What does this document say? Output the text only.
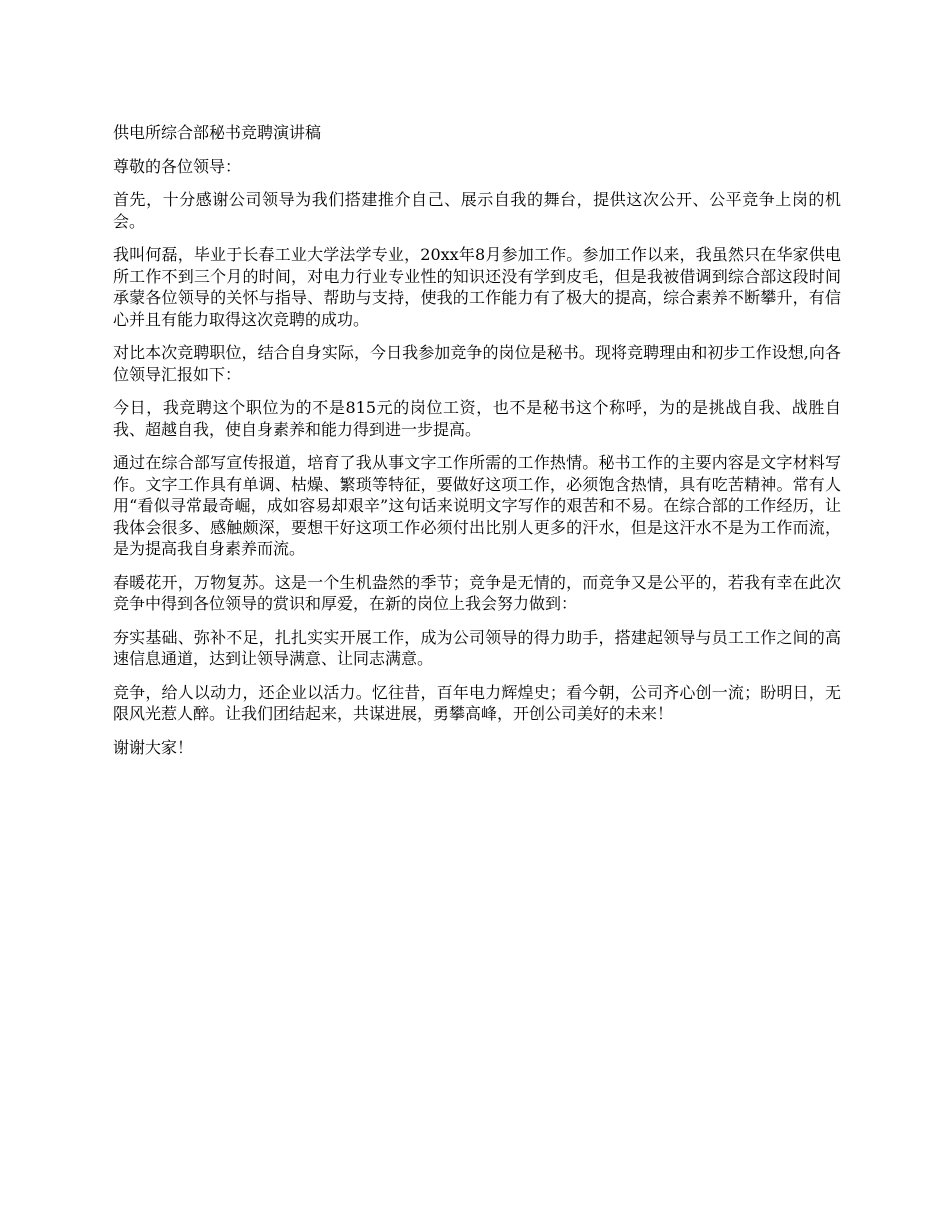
供电所综合部秘书竞聘演讲稿

尊敬的各位领导：

首先，十分感谢公司领导为我们搭建推介自己、展示自我的舞台，提供这次公开、公平竞争上岗的机会。

我叫何磊，毕业于长春工业大学法学专业，20xx年8月参加工作。参加工作以来，我虽然只在华家供电所工作不到三个月的时间，对电力行业专业性的知识还没有学到皮毛，但是我被借调到综合部这段时间承蒙各位领导的关怀与指导、帮助与支持，使我的工作能力有了极大的提高，综合素养不断攀升，有信心并且有能力取得这次竞聘的成功。

对比本次竞聘职位，结合自身实际，今日我参加竞争的岗位是秘书。现将竞聘理由和初步工作设想,向各位领导汇报如下：

今日，我竞聘这个职位为的不是815元的岗位工资，也不是秘书这个称呼，为的是挑战自我、战胜自我、超越自我，使自身素养和能力得到进一步提高。

通过在综合部写宣传报道，培育了我从事文字工作所需的工作热情。秘书工作的主要内容是文字材料写作。文字工作具有单调、枯燥、繁琐等特征，要做好这项工作，必须饱含热情，具有吃苦精神。常有人用“看似寻常最奇崛，成如容易却艰辛”这句话来说明文字写作的艰苦和不易。在综合部的工作经历，让我体会很多、感触颇深，要想干好这项工作必须付出比别人更多的汗水，但是这汗水不是为工作而流，是为提高我自身素养而流。

春暖花开，万物复苏。这是一个生机盎然的季节；竞争是无情的，而竞争又是公平的，若我有幸在此次竞争中得到各位领导的赏识和厚爱，在新的岗位上我会努力做到：

夯实基础、弥补不足，扎扎实实开展工作，成为公司领导的得力助手，搭建起领导与员工工作之间的高速信息通道，达到让领导满意、让同志满意。

竞争，给人以动力，还企业以活力。忆往昔，百年电力辉煌史；看今朝，公司齐心创一流；盼明日，无限风光惹人醉。让我们团结起来，共谋进展，勇攀高峰，开创公司美好的未来！

谢谢大家！
